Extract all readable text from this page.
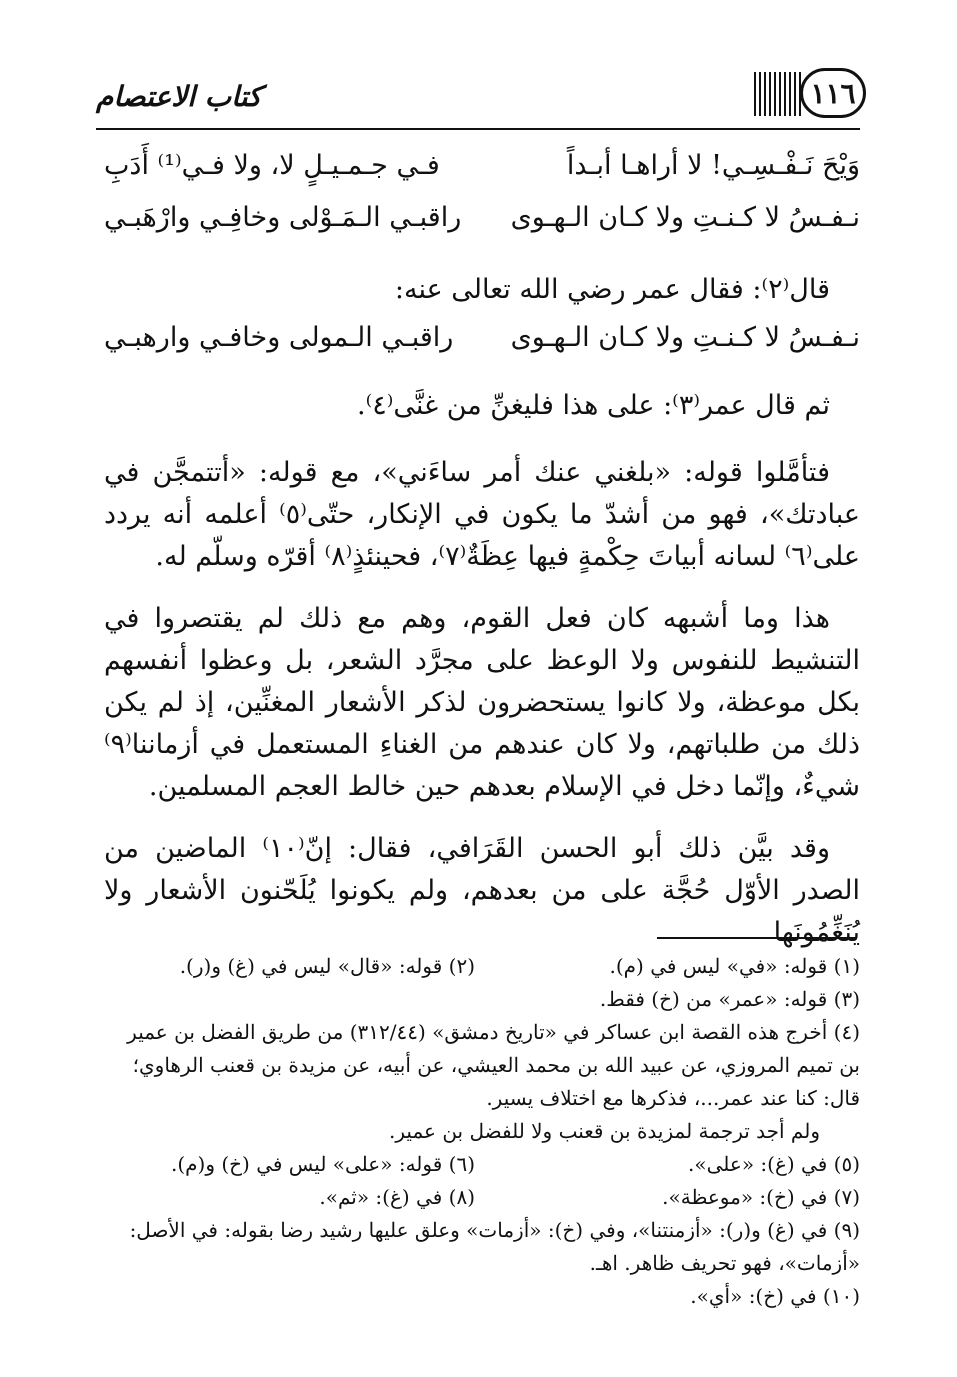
كتاب الاعتصام	١١٦
وَيْحَ نَـفْـسِـي! لا أراهـا أبـداً
فـي جـمـيـلٍ لا، ولا فـي⁽¹⁾ أَدَبِ
نـفـسُ لا كـنـتِ ولا كـان الـهـوى
راقبـي الـمَـوْلى وخافِـي وارْهَبـي
قال⁽٢⁾: فقال عمر رضي الله تعالى عنه:
نـفـسُ لا كـنـتِ ولا كـان الـهـوى
راقبـي الـمولى وخافـي وارهبـي
ثم قال عمر⁽٣⁾: على هذا فليغنِّ من غنَّى⁽٤⁾.

فتأمَّلوا قوله: «بلغني عنك أمر ساءَني»، مع قوله: «أتتمجَّن في عبادتك»، فهو من أشدّ ما يكون في الإنكار، حتّى⁽٥⁾ أعلمه أنه يردد على⁽٦⁾ لسانه أبياتَ حِكْمةٍ فيها عِظَةٌ⁽٧⁾، فحينئذٍ⁽٨⁾ أقرّه وسلّم له.

هذا وما أشبهه كان فعل القوم، وهم مع ذلك لم يقتصروا في التنشيط للنفوس ولا الوعظ على مجرَّد الشعر، بل وعظوا أنفسهم بكل موعظة، ولا كانوا يستحضرون لذكر الأشعار المغنِّين، إذ لم يكن ذلك من طلباتهم، ولا كان عندهم من الغناءِ المستعمل في أزماننا⁽٩⁾ شيءٌ، وإنّما دخل في الإسلام بعدهم حين خالط العجم المسلمين.

وقد بيَّن ذلك أبو الحسن القَرَافي، فقال: إنّ⁽١٠⁾ الماضين من الصدر الأوّل حُجَّة على من بعدهم، ولم يكونوا يُلَحّنون الأشعار ولا يُنَغِّمُونَها

(١) قوله: «في» ليس في (م).
(٢) قوله: «قال» ليس في (غ) و(ر).
(٣) قوله: «عمر» من (خ) فقط.
(٤) أخرج هذه القصة ابن عساكر في «تاريخ دمشق» (٣١٢/٤٤) من طريق الفضل بن عمير بن تميم المروزي، عن عبيد الله بن محمد العيشي، عن أبيه، عن مزيدة بن قعنب الرهاوي؛ قال: كنا عند عمر...، فذكرها مع اختلاف يسير.
ولم أجد ترجمة لمزيدة بن قعنب ولا للفضل بن عمير.
(٥) في (غ): «على».
(٦) قوله: «على» ليس في (خ) و(م).
(٧) في (خ): «موعظة».
(٨) في (غ): «ثم».
(٩) في (غ) و(ر): «أزمنتنا»، وفي (خ): «أزمات» وعلق عليها رشيد رضا بقوله: في الأصل: «أزمات»، فهو تحريف ظاهر. اهـ.
(١٠) في (خ): «أي».
